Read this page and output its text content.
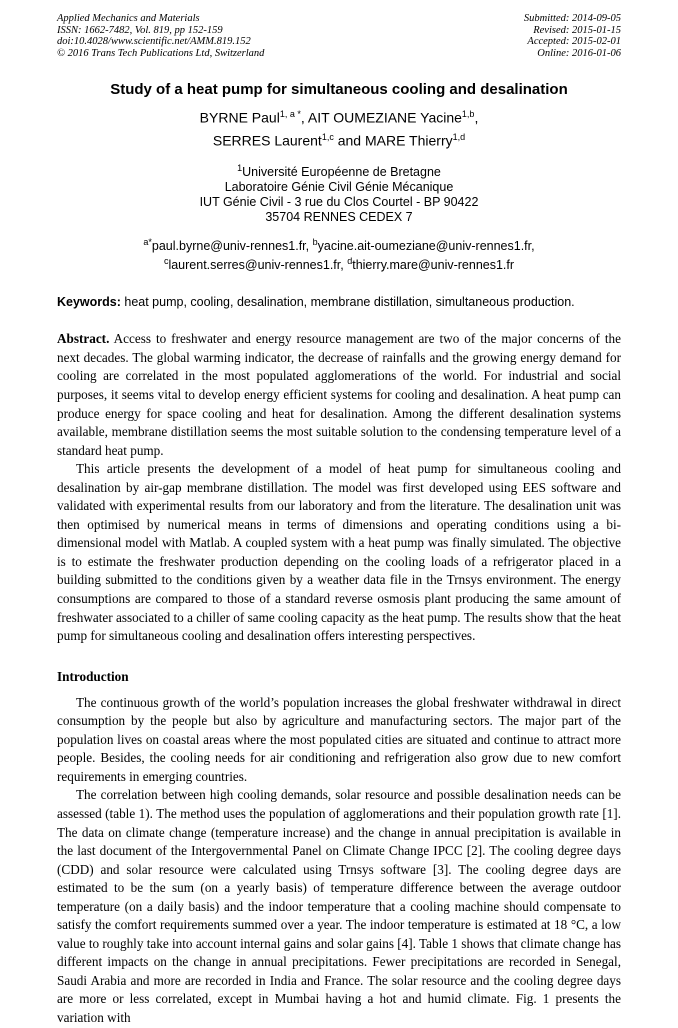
Applied Mechanics and Materials
ISSN: 1662-7482, Vol. 819, pp 152-159
doi:10.4028/www.scientific.net/AMM.819.152
© 2016 Trans Tech Publications Ltd, Switzerland
Submitted: 2014-09-05
Revised: 2015-01-15
Accepted: 2015-02-01
Online: 2016-01-06
Study of a heat pump for simultaneous cooling and desalination
BYRNE Paul$^{1, a *}$, AIT OUMEZIANE Yacine$^{1,b}$,
SERRES Laurent$^{1,c}$ and MARE Thierry$^{1,d}$
$^1$Université Européenne de Bretagne
Laboratoire Génie Civil Génie Mécanique
IUT Génie Civil - 3 rue du Clos Courtel - BP 90422
35704 RENNES CEDEX 7
$^{a*}$paul.byrne@univ-rennes1.fr, $^b$yacine.ait-oumeziane@univ-rennes1.fr,
$^c$laurent.serres@univ-rennes1.fr, $^d$thierry.mare@univ-rennes1.fr
Keywords: heat pump, cooling, desalination, membrane distillation, simultaneous production.

Abstract. Access to freshwater and energy resource management are two of the major concerns of the next decades. The global warming indicator, the decrease of rainfalls and the growing energy demand for cooling are correlated in the most populated agglomerations of the world. For industrial and social purposes, it seems vital to develop energy efficient systems for cooling and desalination. A heat pump can produce energy for space cooling and heat for desalination. Among the different desalination systems available, membrane distillation seems the most suitable solution to the condensing temperature level of a standard heat pump.

This article presents the development of a model of heat pump for simultaneous cooling and desalination by air-gap membrane distillation. The model was first developed using EES software and validated with experimental results from our laboratory and from the literature. The desalination unit was then optimised by numerical means in terms of dimensions and operating conditions using a bi-dimensional model with Matlab. A coupled system with a heat pump was finally simulated. The objective is to estimate the freshwater production depending on the cooling loads of a refrigerator placed in a building submitted to the conditions given by a weather data file in the Trnsys environment. The energy consumptions are compared to those of a standard reverse osmosis plant producing the same amount of freshwater associated to a chiller of same cooling capacity as the heat pump. The results show that the heat pump for simultaneous cooling and desalination offers interesting perspectives.

Introduction

The continuous growth of the world’s population increases the global freshwater withdrawal in direct consumption by the people but also by agriculture and manufacturing sectors. The major part of the population lives on coastal areas where the most populated cities are situated and continue to attract more people. Besides, the cooling needs for air conditioning and refrigeration also grow due to new comfort requirements in emerging countries.

The correlation between high cooling demands, solar resource and possible desalination needs can be assessed (table 1). The method uses the population of agglomerations and their population growth rate [1]. The data on climate change (temperature increase) and the change in annual precipitation is available in the last document of the Intergovernmental Panel on Climate Change IPCC [2]. The cooling degree days (CDD) and solar resource were calculated using Trnsys software [3]. The cooling degree days are estimated to be the sum (on a yearly basis) of temperature difference between the average outdoor temperature (on a daily basis) and the indoor temperature that a cooling machine should compensate to satisfy the comfort requirements summed over a year. The indoor temperature is estimated at 18 °C, a low value to roughly take into account internal gains and solar gains [4]. Table 1 shows that climate change has different impacts on the change in annual precipitations. Fewer precipitations are recorded in Senegal, Saudi Arabia and more are recorded in India and France. The solar resource and the cooling degree days are more or less correlated, except in Mumbai having a hot and humid climate. Fig. 1 presents the variation with
